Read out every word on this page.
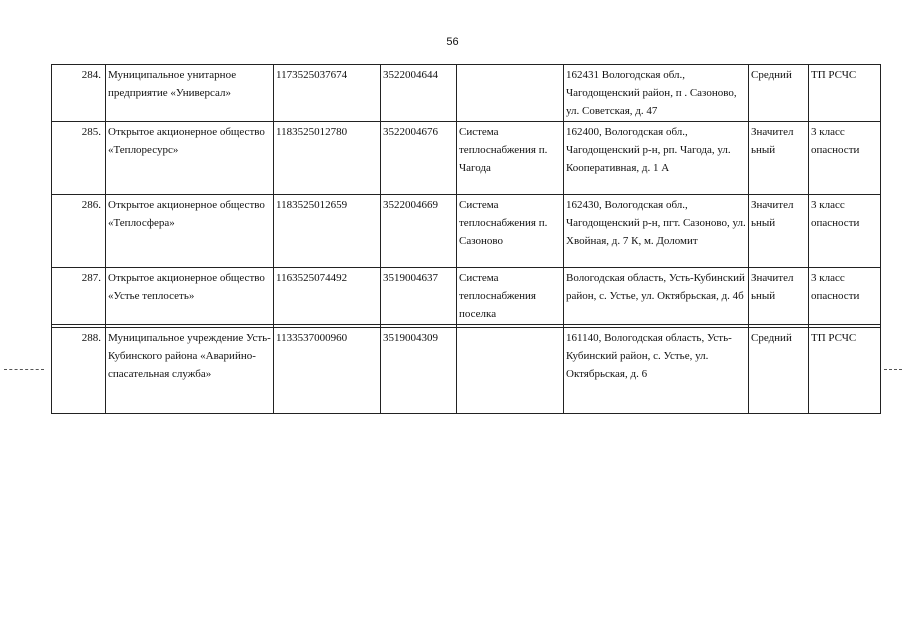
56
284.	Муниципальное унитарное предприятие «Универсал»	1173525037674	3522004644		162431 Вологодская обл., Чагодощенский район, п . Сазоново, ул. Советская, д. 47	Средний	ТП РСЧС
285.	Открытое акционерное общество «Теплоресурс»	1183525012780	3522004676	Система теплоснабжения п. Чагода	162400, Вологодская обл., Чагодощенский р-н, рп. Чагода, ул. Кооперативная, д. 1 А	Значител ьный	3 класс опасности
286.	Открытое акционерное общество «Теплосфера»	1183525012659	3522004669	Система теплоснабжения п. Сазоново	162430, Вологодская обл., Чагодощенский р-н, пгт. Сазоново, ул. Хвойная, д. 7 К, м. Доломит	Значител ьный	3 класс опасности
287.	Открытое акционерное общество «Устье теплосеть»	1163525074492	3519004637	Система теплоснабжения поселка	Вологодская область, Усть-Кубинский район, с. Устье, ул. Октябрьская, д. 4б	Значител ьный	3 класс опасности

288.	Муниципальное учреждение Усть-Кубинского района «Аварийно-спасательная служба»	1133537000960	3519004309		161140, Вологодская область, Усть-Кубинский район, с. Устье, ул. Октябрьская, д. 6	Средний	ТП РСЧС
